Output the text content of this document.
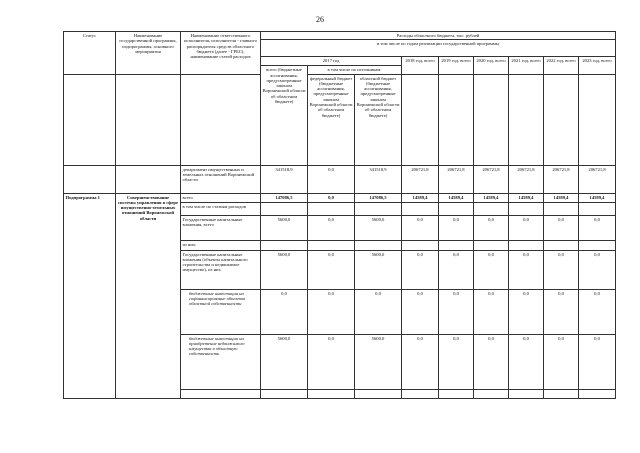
26
Статус	Наименование государственной программы, подпрограммы, основного мероприятия	Наименование ответственного исполнителя, исполнителя - главного распорядителя средств областного бюджета (далее - ГРБС), наименование статей расходов	Расходы областного бюджета, тыс. рублей								
			в том числе по годам реализации государственной программы								
			2017 год			2018 год, всего	2019 год, всего	2020 год, всего	2021 год, всего	2022 год, всего	2023 год, всего
			всего (бюджетные ассигнования, предусмотренные законом Воронежской области об областном бюджете)	в том числе по источникам:							
				федеральный бюджет (бюджетные ассигнования, предусмотренные законом Воронежской области об областном бюджете)	областной бюджет (бюджетные ассигнования, предусмотренные законом Воронежской области об областном бюджете)						
		департамент имущественных и земельных отношений Воронежской области	341518,9	0,0	341518,9	206721,8	206721,8	206721,8	206721,8	206721,8	206721,8
Подпрограмма 1	Совершенствование системы управления в сфере имущественно-земельных отношений Воронежской области	всего	147086,5	0,0	147086,5	14589,4	14589,4	14589,4	14589,4	14589,4	14589,4
		в том числе по статьям расходов									
		Государственные капитальные вложения, всего	5600,0	0,0	5600,0	0,0	0,0	0,0	0,0	0,0	0,0
		из них:									
		Государственные капитальные вложения (объекты капитального строительства и недвижимое имущество), из них	5600,0	0,0	5600,0	0,0	0,0	0,0	0,0	0,0	0,0
		бюджетные инвестиции на софинансирование объектов областной собственности	0,0	0,0	0,0	0,0	0,0	0,0	0,0	0,0	0,0
		бюджетные инвестиции на приобретение недвижимого имущества в областную собственность	5600,0	0,0	5600,0	0,0	0,0	0,0	0,0	0,0	0,0
